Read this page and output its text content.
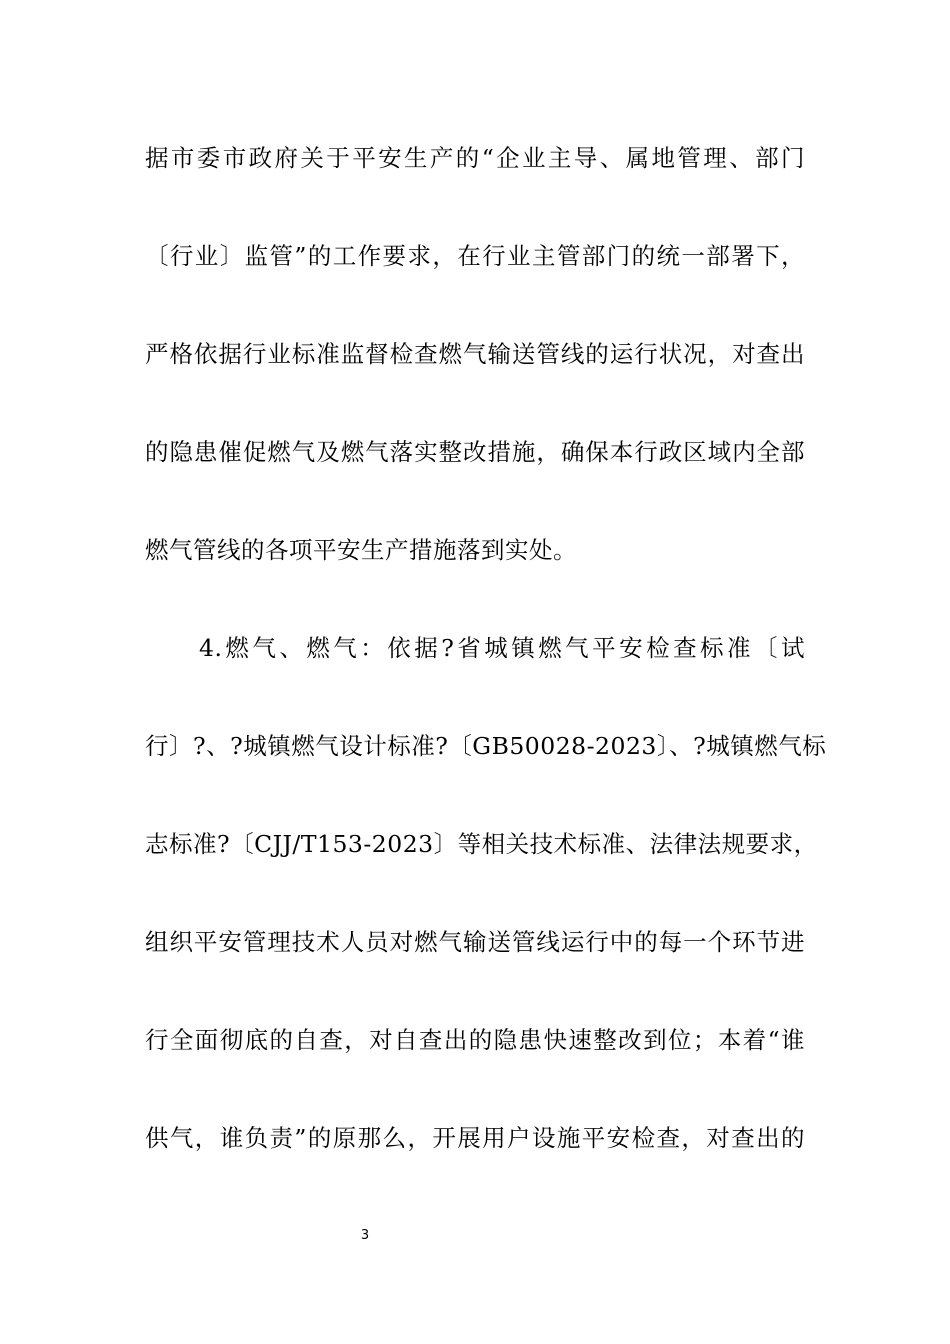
据市委市政府关于平安生产的“企业主导、属地管理、部门
〔行业〕监管”的工作要求，在行业主管部门的统一部署下，
严格依据行业标准监督检查燃气输送管线的运行状况，对查出
的隐患催促燃气及燃气落实整改措施，确保本行政区域内全部
燃气管线的各项平安生产措施落到实处。
4.燃气、燃气：依据?省城镇燃气平安检查标准〔试
行〕?、?城镇燃气设计标准?〔GB50028-2023〕、?城镇燃气标
志标准?〔CJJ/T153-2023〕等相关技术标准、法律法规要求，
组织平安管理技术人员对燃气输送管线运行中的每一个环节进
行全面彻底的自查，对自查出的隐患快速整改到位；本着“谁
供气，谁负责”的原那么，开展用户设施平安检查，对查出的
3
